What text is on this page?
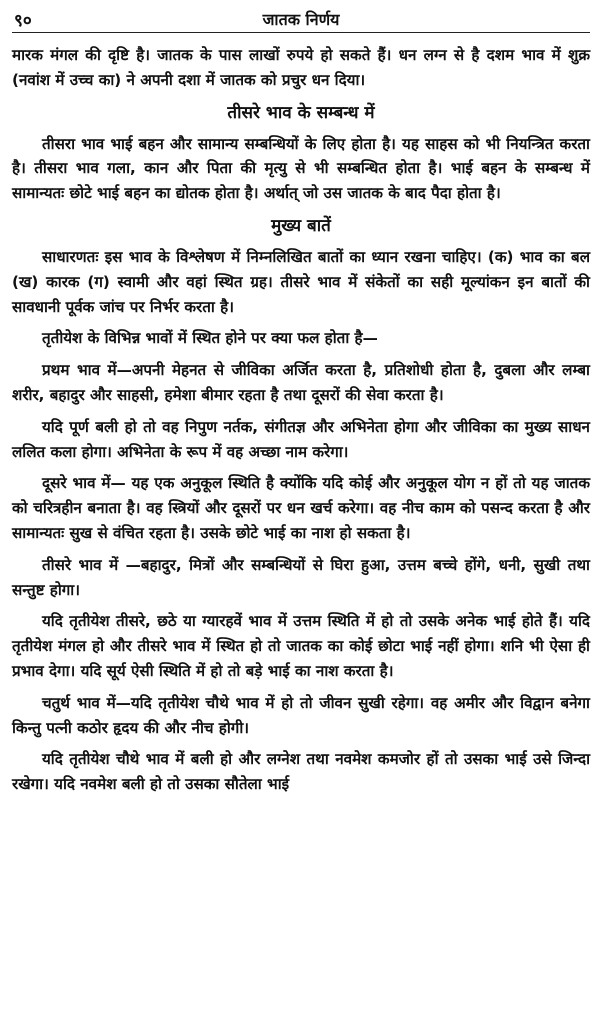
९०	जातक निर्णय

मारक मंगल की दृष्टि है। जातक के पास लाखों रुपये हो सकते हैं। धन लग्न से है दशम भाव में शुक्र (नवांश में उच्च का) ने अपनी दशा में जातक को प्रचुर धन दिया।

तीसरे भाव के सम्बन्ध में

तीसरा भाव भाई बहन और सामान्य सम्बन्धियों के लिए होता है। यह साहस को भी नियन्त्रित करता है। तीसरा भाव गला, कान और पिता की मृत्यु से भी सम्बन्धित होता है। भाई बहन के सम्बन्ध में सामान्यतः छोटे भाई बहन का द्योतक होता है। अर्थात् जो उस जातक के बाद पैदा होता है।

मुख्य बातें

साधारणतः इस भाव के विश्लेषण में निम्नलिखित बातों का ध्यान रखना चाहिए। (क) भाव का बल (ख) कारक (ग) स्वामी और वहां स्थित ग्रह। तीसरे भाव में संकेतों का सही मूल्यांकन इन बातों की सावधानी पूर्वक जांच पर निर्भर करता है।

तृतीयेश के विभिन्न भावों में स्थित होने पर क्या फल होता है—

प्रथम भाव में—अपनी मेहनत से जीविका अर्जित करता है, प्रतिशोधी होता है, दुबला और लम्बा शरीर, बहादुर और साहसी, हमेशा बीमार रहता है तथा दूसरों की सेवा करता है।

यदि पूर्ण बली हो तो वह निपुण नर्तक, संगीतज्ञ और अभिनेता होगा और जीविका का मुख्य साधन ललित कला होगा। अभिनेता के रूप में वह अच्छा नाम करेगा।

दूसरे भाव में— यह एक अनुकूल स्थिति है क्योंकि यदि कोई और अनुकूल योग न हों तो यह जातक को चरित्रहीन बनाता है। वह स्त्रियों और दूसरों पर धन खर्च करेगा। वह नीच काम को पसन्द करता है और सामान्यतः सुख से वंचित रहता है। उसके छोटे भाई का नाश हो सकता है।

तीसरे भाव में —बहादुर, मित्रों और सम्बन्धियों से घिरा हुआ, उत्तम बच्चे होंगे, धनी, सुखी तथा सन्तुष्ट होगा।

यदि तृतीयेश तीसरे, छठे या ग्यारहवें भाव में उत्तम स्थिति में हो तो उसके अनेक भाई होते हैं। यदि तृतीयेश मंगल हो और तीसरे भाव में स्थित हो तो जातक का कोई छोटा भाई नहीं होगा। शनि भी ऐसा ही प्रभाव देगा। यदि सूर्य ऐसी स्थिति में हो तो बड़े भाई का नाश करता है।

चतुर्थ भाव में—यदि तृतीयेश चौथे भाव में हो तो जीवन सुखी रहेगा। वह अमीर और विद्वान बनेगा किन्तु पत्नी कठोर हृदय की और नीच होगी।

यदि तृतीयेश चौथे भाव में बली हो और लग्नेश तथा नवमेश कमजोर हों तो उसका भाई उसे जिन्दा रखेगा। यदि नवमेश बली हो तो उसका सौतेला भाई
